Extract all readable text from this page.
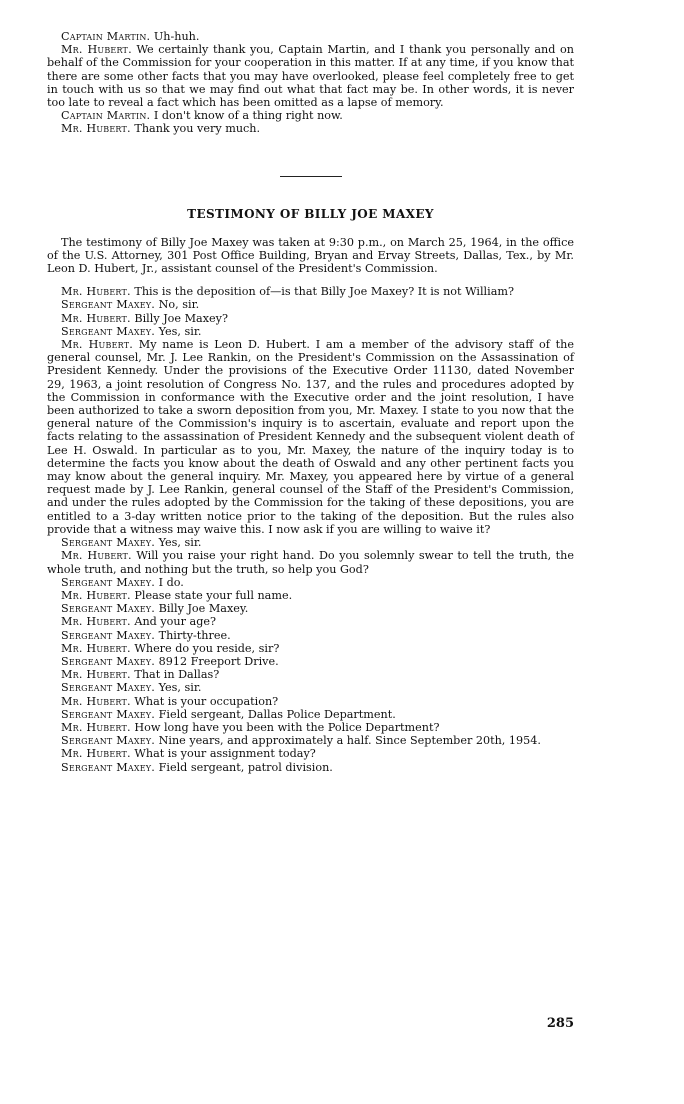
Captain Martin. Uh-huh.

Mr. Hubert. We certainly thank you, Captain Martin, and I thank you personally and on behalf of the Commission for your cooperation in this matter. If at any time, if you know that there are some other facts that you may have overlooked, please feel completely free to get in touch with us so that we may find out what that fact may be. In other words, it is never too late to reveal a fact which has been omitted as a lapse of memory.

Captain Martin. I don't know of a thing right now.

Mr. Hubert. Thank you very much.

TESTIMONY OF BILLY JOE MAXEY

The testimony of Billy Joe Maxey was taken at 9:30 p.m., on March 25, 1964, in the office of the U.S. Attorney, 301 Post Office Building, Bryan and Ervay Streets, Dallas, Tex., by Mr. Leon D. Hubert, Jr., assistant counsel of the President's Commission.

Mr. Hubert. This is the deposition of—is that Billy Joe Maxey? It is not William?

Sergeant Maxey. No, sir.

Mr. Hubert. Billy Joe Maxey?

Sergeant Maxey. Yes, sir.

Mr. Hubert. My name is Leon D. Hubert. I am a member of the advisory staff of the general counsel, Mr. J. Lee Rankin, on the President's Commission on the Assassination of President Kennedy. Under the provisions of the Executive Order 11130, dated November 29, 1963, a joint resolution of Congress No. 137, and the rules and procedures adopted by the Commission in conformance with the Executive order and the joint resolution, I have been authorized to take a sworn deposition from you, Mr. Maxey. I state to you now that the general nature of the Commission's inquiry is to ascertain, evaluate and report upon the facts relating to the assassination of President Kennedy and the subsequent violent death of Lee H. Oswald. In particular as to you, Mr. Maxey, the nature of the inquiry today is to determine the facts you know about the death of Oswald and any other pertinent facts you may know about the general inquiry. Mr. Maxey, you appeared here by virtue of a general request made by J. Lee Rankin, general counsel of the Staff of the President's Commission, and under the rules adopted by the Commission for the taking of these depositions, you are entitled to a 3-day written notice prior to the taking of the deposition. But the rules also provide that a witness may waive this. I now ask if you are willing to waive it?

Sergeant Maxey. Yes, sir.

Mr. Hubert. Will you raise your right hand. Do you solemnly swear to tell the truth, the whole truth, and nothing but the truth, so help you God?

Sergeant Maxey. I do.

Mr. Hubert. Please state your full name.

Sergeant Maxey. Billy Joe Maxey.

Mr. Hubert. And your age?

Sergeant Maxey. Thirty-three.

Mr. Hubert. Where do you reside, sir?

Sergeant Maxey. 8912 Freeport Drive.

Mr. Hubert. That in Dallas?

Sergeant Maxey. Yes, sir.

Mr. Hubert. What is your occupation?

Sergeant Maxey. Field sergeant, Dallas Police Department.

Mr. Hubert. How long have you been with the Police Department?

Sergeant Maxey. Nine years, and approximately a half. Since September 20th, 1954.

Mr. Hubert. What is your assignment today?

Sergeant Maxey. Field sergeant, patrol division.

285
